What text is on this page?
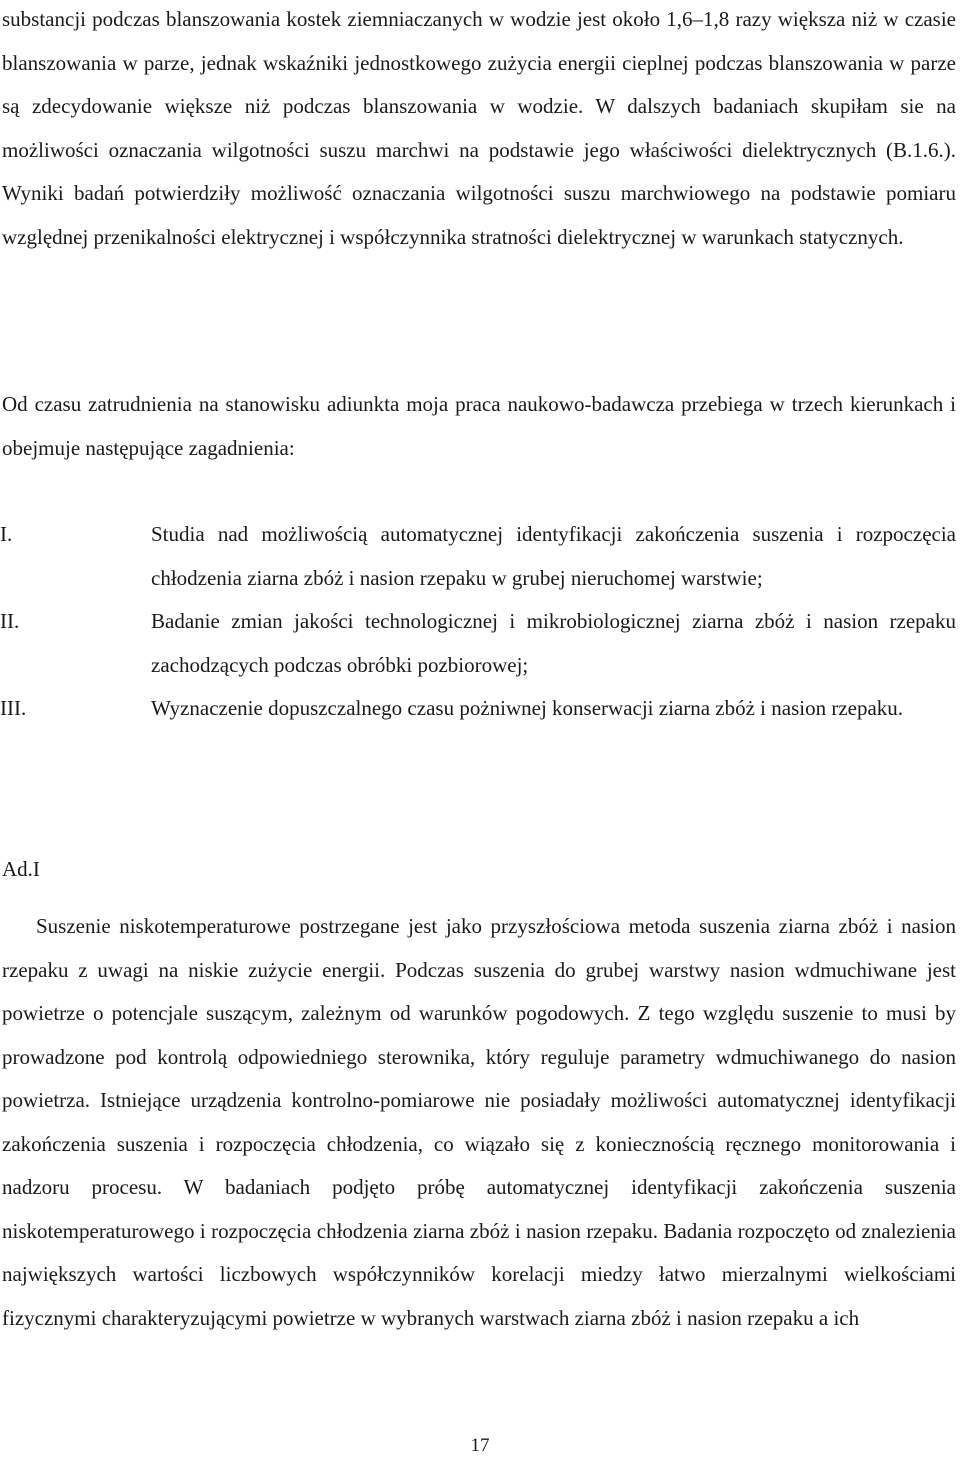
substancji podczas blanszowania kostek ziemniaczanych w wodzie jest około 1,6–1,8 razy większa niż w czasie blanszowania w parze, jednak wskaźniki jednostkowego zużycia energii cieplnej podczas blanszowania w parze są zdecydowanie większe niż podczas blanszowania w wodzie. W dalszych badaniach skupiłam sie na możliwości oznaczania wilgotności suszu marchwi na podstawie jego właściwości dielektrycznych (B.1.6.). Wyniki badań potwierdziły możliwość oznaczania wilgotności suszu marchwiowego na podstawie pomiaru względnej przenikalności elektrycznej i współczynnika stratności dielektrycznej w warunkach statycznych.

Od czasu zatrudnienia na stanowisku adiunkta moja praca naukowo-badawcza przebiega w trzech kierunkach i obejmuje następujące zagadnienia:

I.	Studia nad możliwością automatycznej identyfikacji zakończenia suszenia i rozpoczęcia chłodzenia ziarna zbóż i nasion rzepaku w grubej nieruchomej warstwie;
II.	Badanie zmian jakości technologicznej i mikrobiologicznej ziarna zbóż i nasion rzepaku zachodzących podczas obróbki pozbiorowej;
III.	Wyznaczenie dopuszczalnego czasu pożniwnej konserwacji ziarna zbóż i nasion rzepaku.
Ad.I

Suszenie niskotemperaturowe postrzegane jest jako przyszłościowa metoda suszenia ziarna zbóż i nasion rzepaku z uwagi na niskie zużycie energii. Podczas suszenia do grubej warstwy nasion wdmuchiwane jest powietrze o potencjale suszącym, zależnym od warunków pogodowych. Z tego względu suszenie to musi by prowadzone pod kontrolą odpowiedniego sterownika, który reguluje parametry wdmuchiwanego do nasion powietrza. Istniejące urządzenia kontrolno-pomiarowe nie posiadały możliwości automatycznej identyfikacji zakończenia suszenia i rozpoczęcia chłodzenia, co wiązało się z koniecznością ręcznego monitorowania i nadzoru procesu. W badaniach podjęto próbę automatycznej identyfikacji zakończenia suszenia niskotemperaturowego i rozpoczęcia chłodzenia ziarna zbóż i nasion rzepaku. Badania rozpoczęto od znalezienia największych wartości liczbowych współczynników korelacji miedzy łatwo mierzalnymi wielkościami fizycznymi charakteryzującymi powietrze w wybranych warstwach ziarna zbóż i nasion rzepaku a ich

17
